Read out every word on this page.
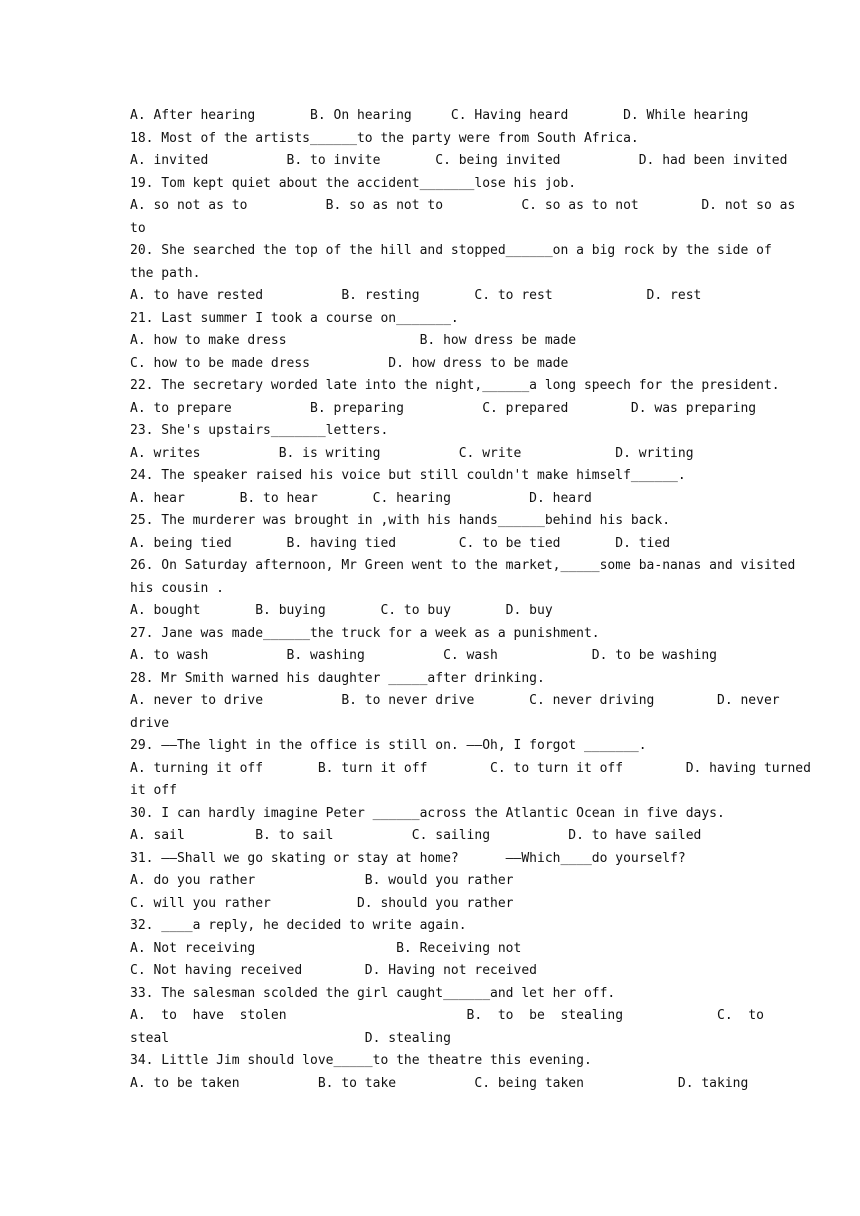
A. After hearing       B. On hearing     C. Having heard       D. While hearing
18. Most of the artists______to the party were from South Africa.
A. invited          B. to invite       C. being invited          D. had been invited
19. Tom kept quiet about the accident_______lose his job.
A. so not as to          B. so as not to          C. so as to not        D. not so as
to
20. She searched the top of the hill and stopped______on a big rock by the side of
the path.
A. to have rested          B. resting       C. to rest            D. rest
21. Last summer I took a course on_______.
A. how to make dress                 B. how dress be made
C. how to be made dress          D. how dress to be made
22. The secretary worded late into the night,______a long speech for the president.
A. to prepare          B. preparing          C. prepared        D. was preparing
23. She's upstairs_______letters.
A. writes          B. is writing          C. write            D. writing
24. The speaker raised his voice but still couldn't make himself______.
A. hear       B. to hear       C. hearing          D. heard
25. The murderer was brought in ,with his hands______behind his back.
A. being tied       B. having tied        C. to be tied       D. tied
26. On Saturday afternoon, Mr Green went to the market,_____some ba-nanas and visited
his cousin .
A. bought       B. buying       C. to buy       D. buy
27. Jane was made______the truck for a week as a punishment.
A. to wash          B. washing          C. wash            D. to be washing
28. Mr Smith warned his daughter _____after drinking.
A. never to drive          B. to never drive       C. never driving        D. never
drive
29. ——The light in the office is still on. ——Oh, I forgot _______.
A. turning it off       B. turn it off        C. to turn it off        D. having turned
it off
30. I can hardly imagine Peter ______across the Atlantic Ocean in five days.
A. sail         B. to sail          C. sailing          D. to have sailed
31. ——Shall we go skating or stay at home?      ——Which____do yourself?
A. do you rather              B. would you rather
C. will you rather           D. should you rather
32. ____a reply, he decided to write again.
A. Not receiving                  B. Receiving not
C. Not having received        D. Having not received
33. The salesman scolded the girl caught______and let her off.
A.  to  have  stolen                       B.  to  be  stealing            C.  to
steal                         D. stealing
34. Little Jim should love_____to the theatre this evening.
A. to be taken          B. to take          C. being taken            D. taking
